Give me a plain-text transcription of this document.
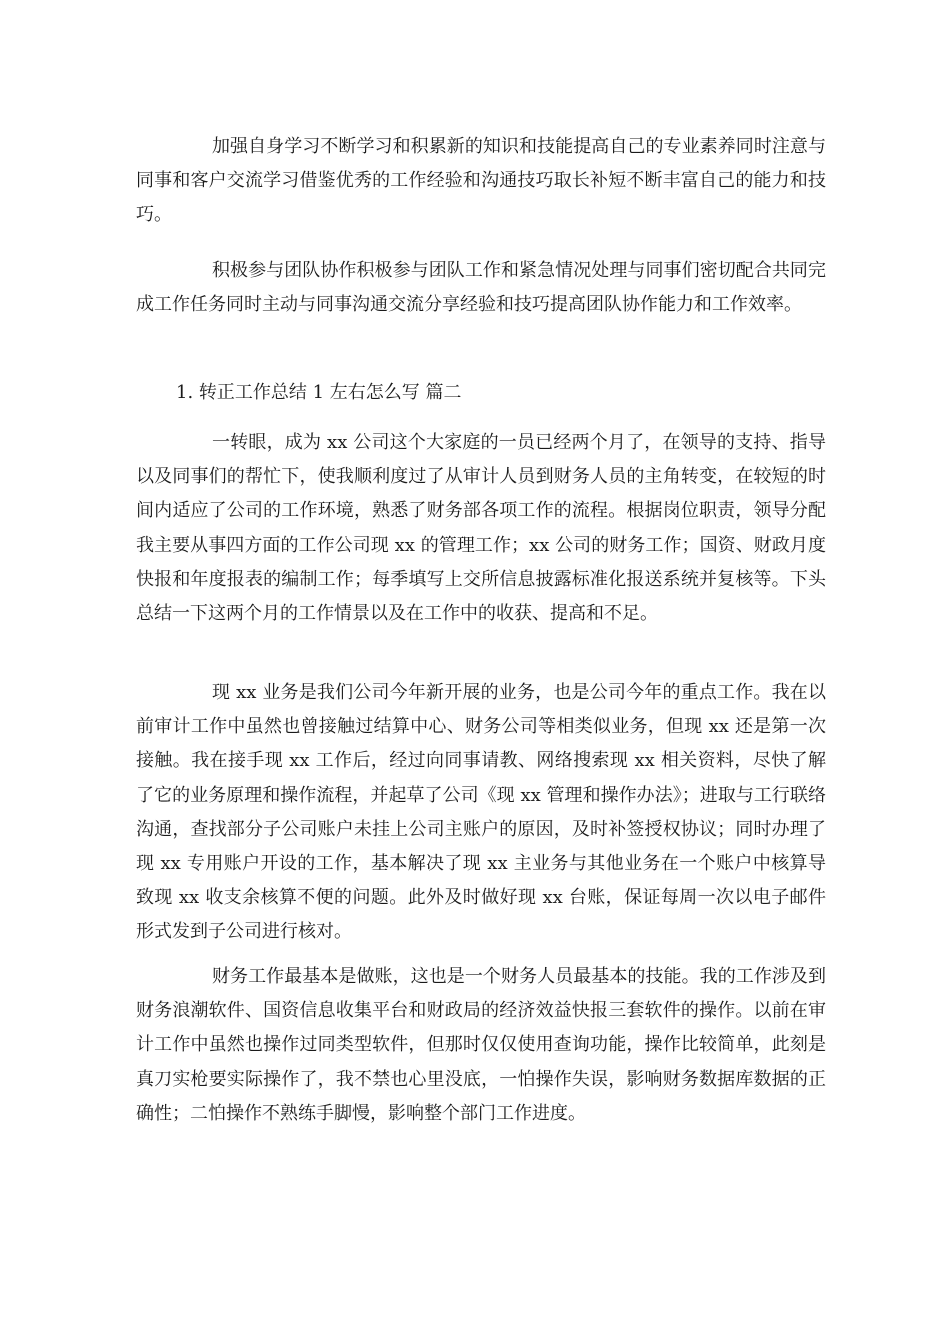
加强自身学习不断学习和积累新的知识和技能提高自己的专业素养同时注意与同事和客户交流学习借鉴优秀的工作经验和沟通技巧取长补短不断丰富自己的能力和技巧。

积极参与团队协作积极参与团队工作和紧急情况处理与同事们密切配合共同完成工作任务同时主动与同事沟通交流分享经验和技巧提高团队协作能力和工作效率。

1. 转正工作总结 1 左右怎么写 篇二

一转眼，成为 xx 公司这个大家庭的一员已经两个月了，在领导的支持、指导以及同事们的帮忙下，使我顺利度过了从审计人员到财务人员的主角转变，在较短的时间内适应了公司的工作环境，熟悉了财务部各项工作的流程。根据岗位职责，领导分配我主要从事四方面的工作公司现 xx 的管理工作；xx 公司的财务工作；国资、财政月度快报和年度报表的编制工作；每季填写上交所信息披露标准化报送系统并复核等。下头总结一下这两个月的工作情景以及在工作中的收获、提高和不足。

现 xx 业务是我们公司今年新开展的业务，也是公司今年的重点工作。我在以前审计工作中虽然也曾接触过结算中心、财务公司等相类似业务，但现 xx 还是第一次接触。我在接手现 xx 工作后，经过向同事请教、网络搜索现 xx 相关资料，尽快了解了它的业务原理和操作流程，并起草了公司《现 xx 管理和操作办法》；进取与工行联络沟通，查找部分子公司账户未挂上公司主账户的原因，及时补签授权协议；同时办理了现 xx 专用账户开设的工作，基本解决了现 xx 主业务与其他业务在一个账户中核算导致现 xx 收支余核算不便的问题。此外及时做好现 xx 台账，保证每周一次以电子邮件形式发到子公司进行核对。

财务工作最基本是做账，这也是一个财务人员最基本的技能。我的工作涉及到财务浪潮软件、国资信息收集平台和财政局的经济效益快报三套软件的操作。以前在审计工作中虽然也操作过同类型软件，但那时仅仅使用查询功能，操作比较简单，此刻是真刀实枪要实际操作了，我不禁也心里没底，一怕操作失误，影响财务数据库数据的正确性；二怕操作不熟练手脚慢，影响整个部门工作进度。
